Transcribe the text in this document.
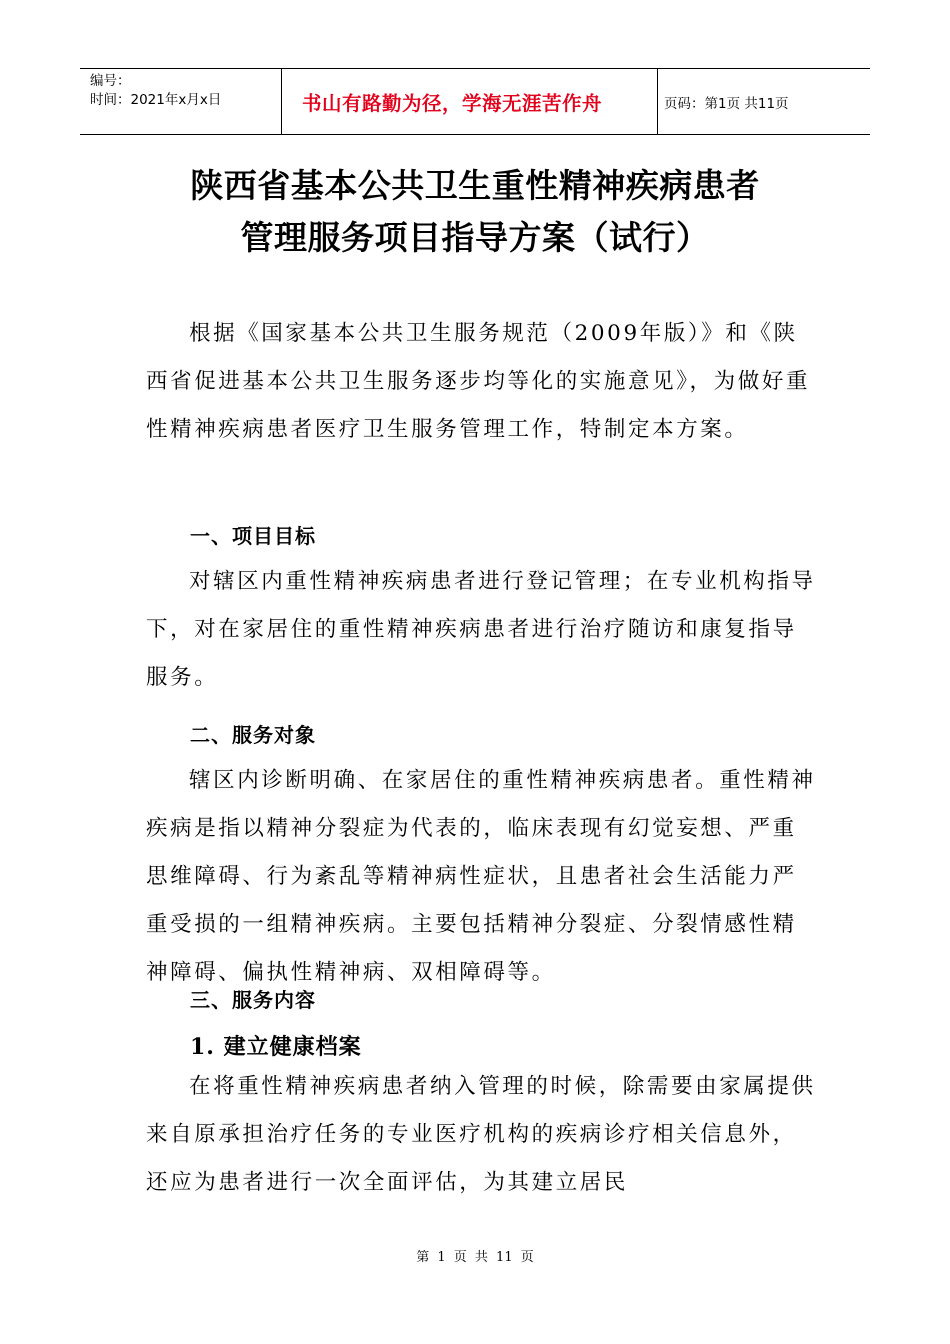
编号：
时间：2021年x月x日	书山有路勤为径，学海无涯苦作舟	页码：第1页 共11页
陕西省基本公共卫生重性精神疾病患者
管理服务项目指导方案（试行）

根据《国家基本公共卫生服务规范（2009年版）》和《陕西省促进基本公共卫生服务逐步均等化的实施意见》，为做好重性精神疾病患者医疗卫生服务管理工作，特制定本方案。

一、项目目标

对辖区内重性精神疾病患者进行登记管理；在专业机构指导下，对在家居住的重性精神疾病患者进行治疗随访和康复指导服务。

二、服务对象

辖区内诊断明确、在家居住的重性精神疾病患者。重性精神疾病是指以精神分裂症为代表的，临床表现有幻觉妄想、严重思维障碍、行为紊乱等精神病性症状，且患者社会生活能力严重受损的一组精神疾病。主要包括精神分裂症、分裂情感性精神障碍、偏执性精神病、双相障碍等。

三、服务内容
1. 建立健康档案

在将重性精神疾病患者纳入管理的时候，除需要由家属提供来自原承担治疗任务的专业医疗机构的疾病诊疗相关信息外，还应为患者进行一次全面评估，为其建立居民

第 1 页 共 11 页
